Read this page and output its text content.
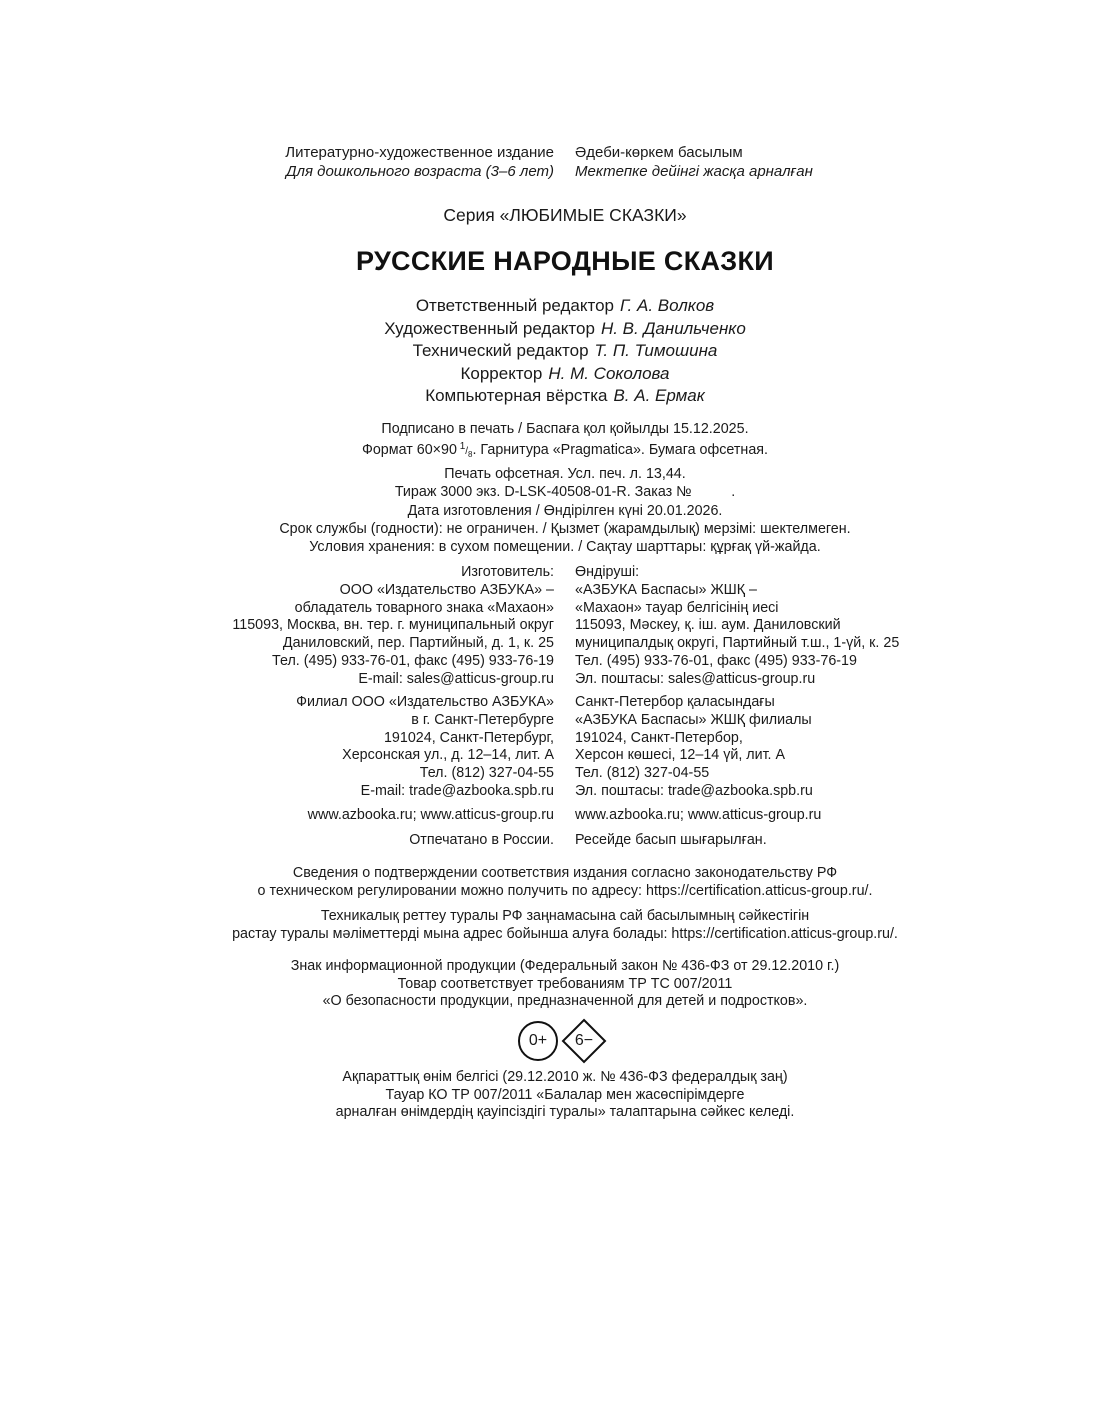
Литературно-художественное издание Әдеби-көркем басылым
Для дошкольного возраста (3–6 лет) Мектепке дейінгі жасқа арналған
Серия «ЛЮБИМЫЕ СКАЗКИ»
РУССКИЕ НАРОДНЫЕ СКАЗКИ
Ответственный редактор Г. А. Волков
Художественный редактор Н. В. Данильченко
Технический редактор Т. П. Тимошина
Корректор Н. М. Соколова
Компьютерная вёрстка В. А. Ермак
Подписано в печать / Баспаға қол қойылды 15.12.2025.
Формат 60×90 $^1/_8$. Гарнитура «Pragmatica». Бумага офсетная.
Печать офсетная. Усл. печ. л. 13,44.
Тираж 3000 экз. D-LSK-40508-01-R. Заказ №          .
Дата изготовления / Өндірілген күні 20.01.2026.
Срок службы (годности): не ограничен. / Қызмет (жарамдылық) мерзімі: шектелмеген.
Условия хранения: в сухом помещении. / Сақтау шарттары: құрғақ үй-жайда.
Изготовитель: Өндіруші:
ООО «Издательство АЗБУКА» – «АЗБУКА Баспасы» ЖШҚ –
обладатель товарного знака «Махаон» «Махаон» тауар белгісінің иесі
115093, Москва, вн. тер. г. муниципальный округ 115093, Мәскеу, қ. іш. аум. Даниловский
Даниловский, пер. Партийный, д. 1, к. 25 муниципалдық округі, Партийный т.ш., 1-үй, к. 25
Тел. (495) 933-76-01, факс (495) 933-76-19 Тел. (495) 933-76-01, факс (495) 933-76-19
E-mail: sales@atticus-group.ru Эл. поштасы: sales@atticus-group.ru
Филиал ООО «Издательство АЗБУКА» Санкт-Петербор қаласындағы
в г. Санкт-Петербурге «АЗБУКА Баспасы» ЖШҚ филиалы
191024, Санкт-Петербург, 191024, Санкт-Петербор,
Херсонская ул., д. 12–14, лит. А Херсон көшесі, 12–14 үй, лит. А
Тел. (812) 327-04-55 Тел. (812) 327-04-55
E-mail: trade@azbooka.spb.ru Эл. поштасы: trade@azbooka.spb.ru
www.azbooka.ru; www.atticus-group.ru www.azbooka.ru; www.atticus-group.ru
Отпечатано в России. Ресейде басып шығарылған.
Сведения о подтверждении соответствия издания согласно законодательству РФ
о техническом регулировании можно получить по адресу: https://certification.atticus-group.ru/.
Техникалық реттеу туралы РФ заңнамасына сай басылымның сәйкестігін
растау туралы мәліметтерді мына адрес бойынша алуға болады: https://certification.atticus-group.ru/.
Знак информационной продукции (Федеральный закон № 436-ФЗ от 29.12.2010 г.)
Товар соответствует требованиям ТР ТС 007/2011
«О безопасности продукции, предназначенной для детей и подростков».
0+	6−
Ақпараттық өнім белгісі (29.12.2010 ж. № 436-ФЗ федералдық заң)
Тауар КО ТР 007/2011 «Балалар мен жасөспірімдерге
арналған өнімдердің қауіпсіздігі туралы» талаптарына сәйкес келеді.
